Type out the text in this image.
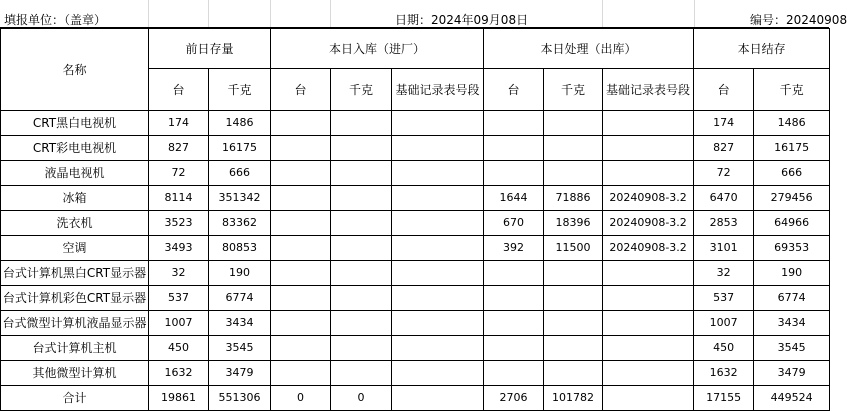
填报单位：（盖章）	日期：2024年09月08日	编号：20240908
名称	前日存量		本日入库（进厂）			本日处理（出库）			本日结存	
	台	千克	台	千克	基础记录表号段	台	千克	基础记录表号段	台	千克
CRT黑白电视机	174	1486							174	1486
CRT彩电电视机	827	16175							827	16175
液晶电视机	72	666							72	666
冰箱	8114	351342				1644	71886	20240908-3.2	6470	279456
洗衣机	3523	83362				670	18396	20240908-3.2	2853	64966
空调	3493	80853				392	11500	20240908-3.2	3101	69353
台式计算机黑白CRT显示器	32	190							32	190
台式计算机彩色CRT显示器	537	6774							537	6774
台式微型计算机液晶显示器	1007	3434							1007	3434
台式计算机主机	450	3545							450	3545
其他微型计算机	1632	3479							1632	3479
合计	19861	551306	0	0		2706	101782		17155	449524
